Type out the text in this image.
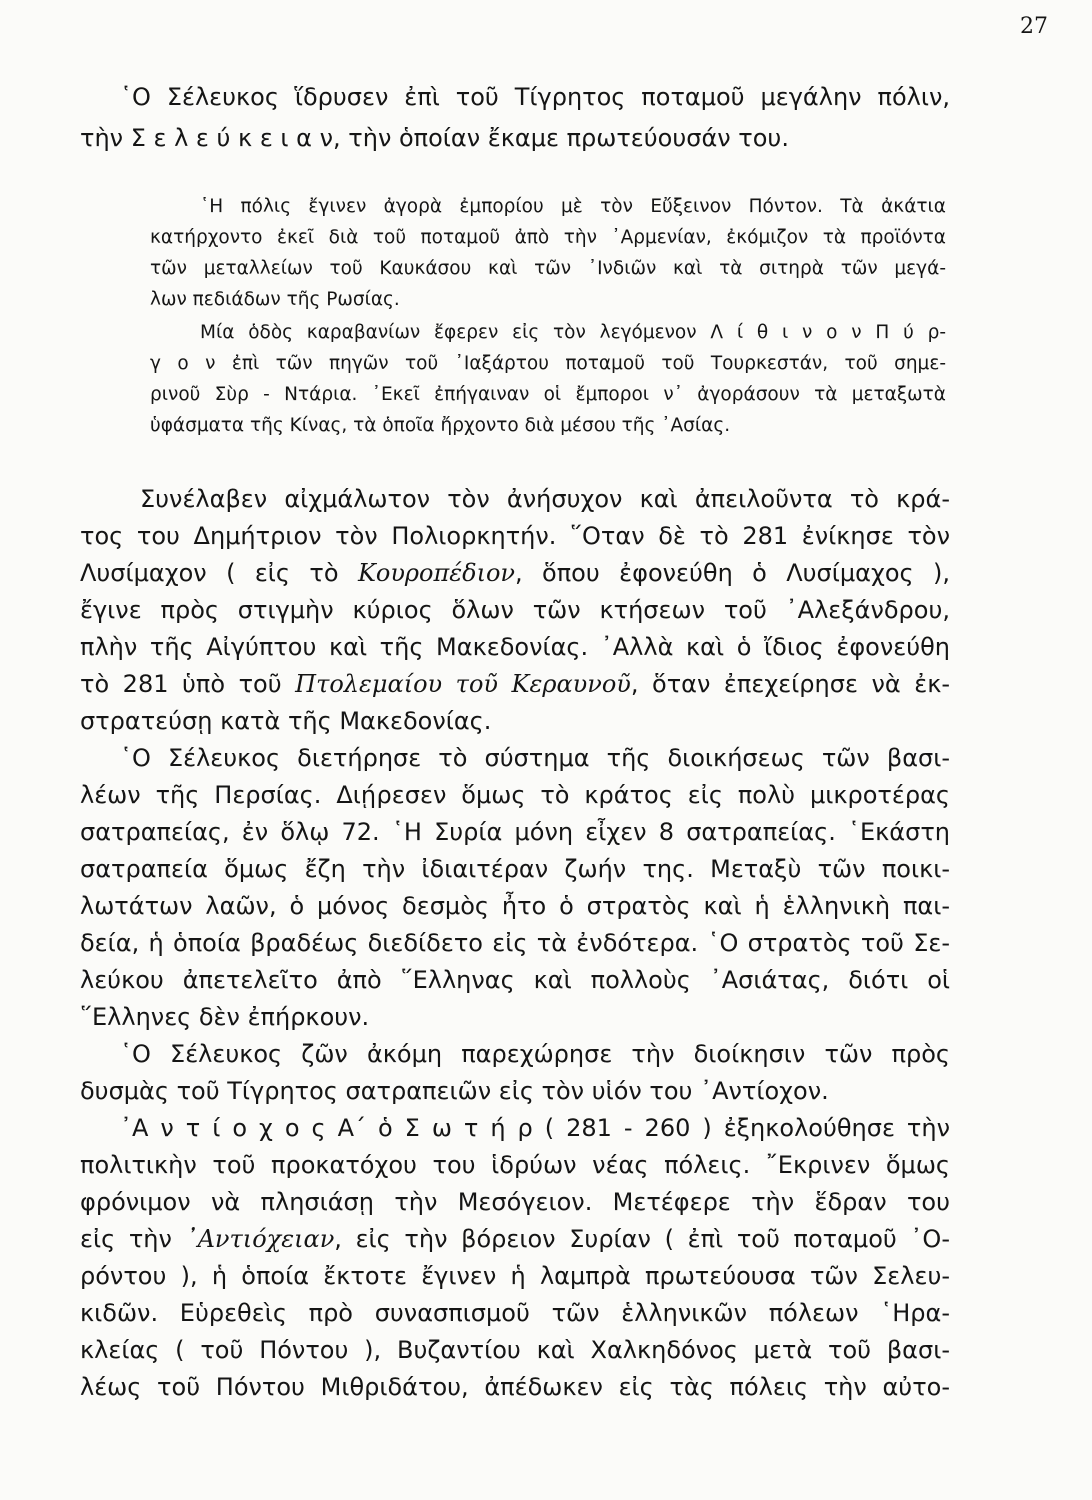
27
῾Ο Σέλευκος ἵδρυσεν ἐπὶ τοῦ Τίγρητος ποταμοῦ μεγάλην πόλιν,
τὴν Σ ε λ ε ύ κ ε ι α ν, τὴν ὁποίαν ἔκαμε πρωτεύουσάν του.
῾Η πόλις ἔγινεν ἀγορὰ ἐμπορίου μὲ τὸν Εὔξεινον Πόντον. Τὰ ἀκάτια
κατήρχοντο ἐκεῖ διὰ τοῦ ποταμοῦ ἀπὸ τὴν ᾿Αρμενίαν, ἐκόμιζον τὰ προϊόντα
τῶν μεταλλείων τοῦ Καυκάσου καὶ τῶν ᾿Ινδιῶν καὶ τὰ σιτηρὰ τῶν μεγά-
λων πεδιάδων τῆς Ρωσίας.
Μία ὁδὸς καραβανίων ἔφερεν εἰς τὸν λεγόμενον Λ ί θ ι ν ο ν Π ύ ρ-
γ ο ν ἐπὶ τῶν πηγῶν τοῦ ᾿Ιαξάρτου ποταμοῦ τοῦ Τουρκεστάν, τοῦ σημε-
ρινοῦ Σὺρ - Ντάρια. ᾿Εκεῖ ἐπήγαιναν οἱ ἔμποροι ν᾿ ἀγοράσουν τὰ μεταξωτὰ
ὑφάσματα τῆς Κίνας, τὰ ὁποῖα ἤρχοντο διὰ μέσου τῆς ᾿Ασίας.
Συνέλαβεν αἰχμάλωτον τὸν ἀνήσυχον καὶ ἀπειλοῦντα τὸ κρά-
τος του Δημήτριον τὸν Πολιορκητήν. ῞Οταν δὲ τὸ 281 ἐνίκησε τὸν
Λυσίμαχον ( εἰς τὸ Κουροπέδιον, ὅπου ἐφονεύθη ὁ Λυσίμαχος ),
ἔγινε πρὸς στιγμὴν κύριος ὅλων τῶν κτήσεων τοῦ ᾿Αλεξάνδρου,
πλὴν τῆς Αἰγύπτου καὶ τῆς Μακεδονίας. ᾿Αλλὰ καὶ ὁ ἴδιος ἐφονεύθη
τὸ 281 ὑπὸ τοῦ Πτολεμαίου τοῦ Κεραυνοῦ, ὅταν ἐπεχείρησε νὰ ἐκ-
στρατεύσῃ κατὰ τῆς Μακεδονίας.
῾Ο Σέλευκος διετήρησε τὸ σύστημα τῆς διοικήσεως τῶν βασι-
λέων τῆς Περσίας. Διῄρεσεν ὅμως τὸ κράτος εἰς πολὺ μικροτέρας
σατραπείας, ἐν ὅλῳ 72. ῾Η Συρία μόνη εἶχεν 8 σατραπείας. ῾Εκάστη
σατραπεία ὅμως ἔζη τὴν ἰδιαιτέραν ζωήν της. Μεταξὺ τῶν ποικι-
λωτάτων λαῶν, ὁ μόνος δεσμὸς ἦτο ὁ στρατὸς καὶ ἡ ἑλληνικὴ παι-
δεία, ἡ ὁποία βραδέως διεδίδετο εἰς τὰ ἐνδότερα. ῾Ο στρατὸς τοῦ Σε-
λεύκου ἀπετελεῖτο ἀπὸ ῞Ελληνας καὶ πολλοὺς ᾿Ασιάτας, διότι οἱ
῞Ελληνες δὲν ἐπήρκουν.
῾Ο Σέλευκος ζῶν ἀκόμη παρεχώρησε τὴν διοίκησιν τῶν πρὸς
δυσμὰς τοῦ Τίγρητος σατραπειῶν εἰς τὸν υἱόν του ᾿Αντίοχον.
᾿Α ν τ ί ο χ ο ς Α΄ ὁ Σ ω τ ή ρ ( 281 - 260 ) ἐξηκολούθησε τὴν
πολιτικὴν τοῦ προκατόχου του ἱδρύων νέας πόλεις. ῎Εκρινεν ὅμως
φρόνιμον νὰ πλησιάσῃ τὴν Μεσόγειον. Μετέφερε τὴν ἕδραν του
εἰς τὴν ᾿Αντιόχειαν, εἰς τὴν βόρειον Συρίαν ( ἐπὶ τοῦ ποταμοῦ ᾿Ο-
ρόντου ), ἡ ὁποία ἔκτοτε ἔγινεν ἡ λαμπρὰ πρωτεύουσα τῶν Σελευ-
κιδῶν. Εὑρεθεὶς πρὸ συνασπισμοῦ τῶν ἑλληνικῶν πόλεων ῾Ηρα-
κλείας ( τοῦ Πόντου ), Βυζαντίου καὶ Χαλκηδόνος μετὰ τοῦ βασι-
λέως τοῦ Πόντου Μιθριδάτου, ἀπέδωκεν εἰς τὰς πόλεις τὴν αὐτο-
